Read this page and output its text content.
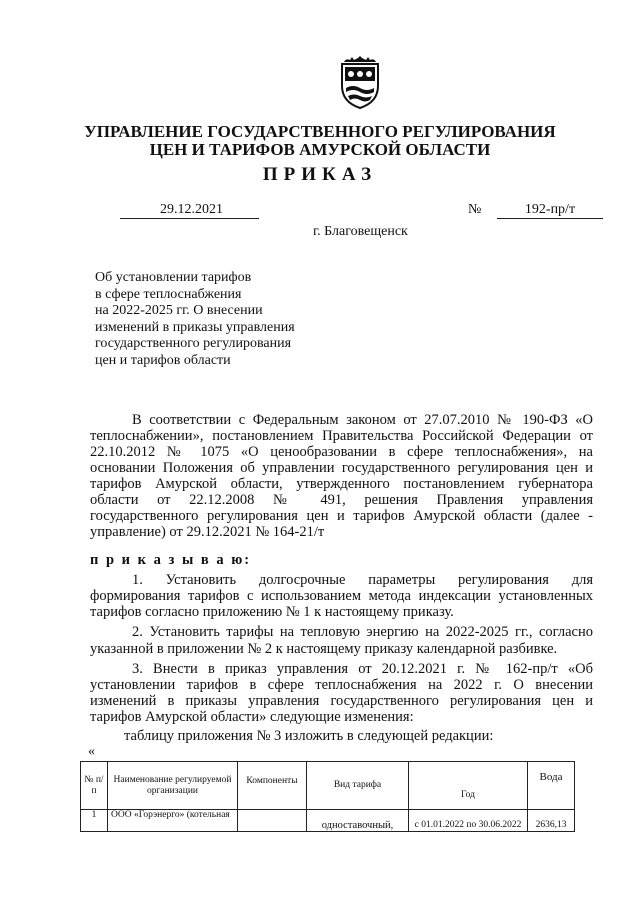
УПРАВЛЕНИЕ ГОСУДАРСТВЕННОГО РЕГУЛИРОВАНИЯ
ЦЕН И ТАРИФОВ АМУРСКОЙ ОБЛАСТИ
ПРИКАЗ
29.12.2021	№	192-пр/т
г. Благовещенск
Об установлении тарифов
в сфере теплоснабжения
на 2022-2025 гг. О внесении
изменений в приказы управления
государственного регулирования
цен и тарифов области
В соответствии с Федеральным законом от 27.07.2010 № 190-ФЗ «О
теплоснабжении», постановлением Правительства Российской Федерации от
22.10.2012 № 1075 «О ценообразовании в сфере теплоснабжения», на
основании Положения об управлении государственного регулирования цен и
тарифов Амурской области, утвержденного постановлением губернатора
области от 22.12.2008 № 491, решения Правления управления
государственного регулирования цен и тарифов Амурской области (далее -
управление) от 29.12.2021 № 164-21/т
п р и к а з ы в а ю:
1. Установить долгосрочные параметры регулирования для
формирования тарифов с использованием метода индексации установленных
тарифов согласно приложению № 1 к настоящему приказу.
2. Установить тарифы на тепловую энергию на 2022-2025 гг., согласно
указанной в приложении № 2 к настоящему приказу календарной разбивке.
3. Внести в приказ управления от 20.12.2021 г. № 162-пр/т «Об
установлении тарифов в сфере теплоснабжения на 2022 г. О внесении
изменений в приказы управления государственного регулирования цен и
тарифов Амурской области» следующие изменения:
таблицу приложения № 3 изложить в следующей редакции:
«
№ п/п	Наименование регулируемой организации	Компоненты	Вид тарифа	Год	Вода
1	ООО «Горэнерго» (котельная		одноставочный,	с 01.01.2022 по 30.06.2022	2636,13
